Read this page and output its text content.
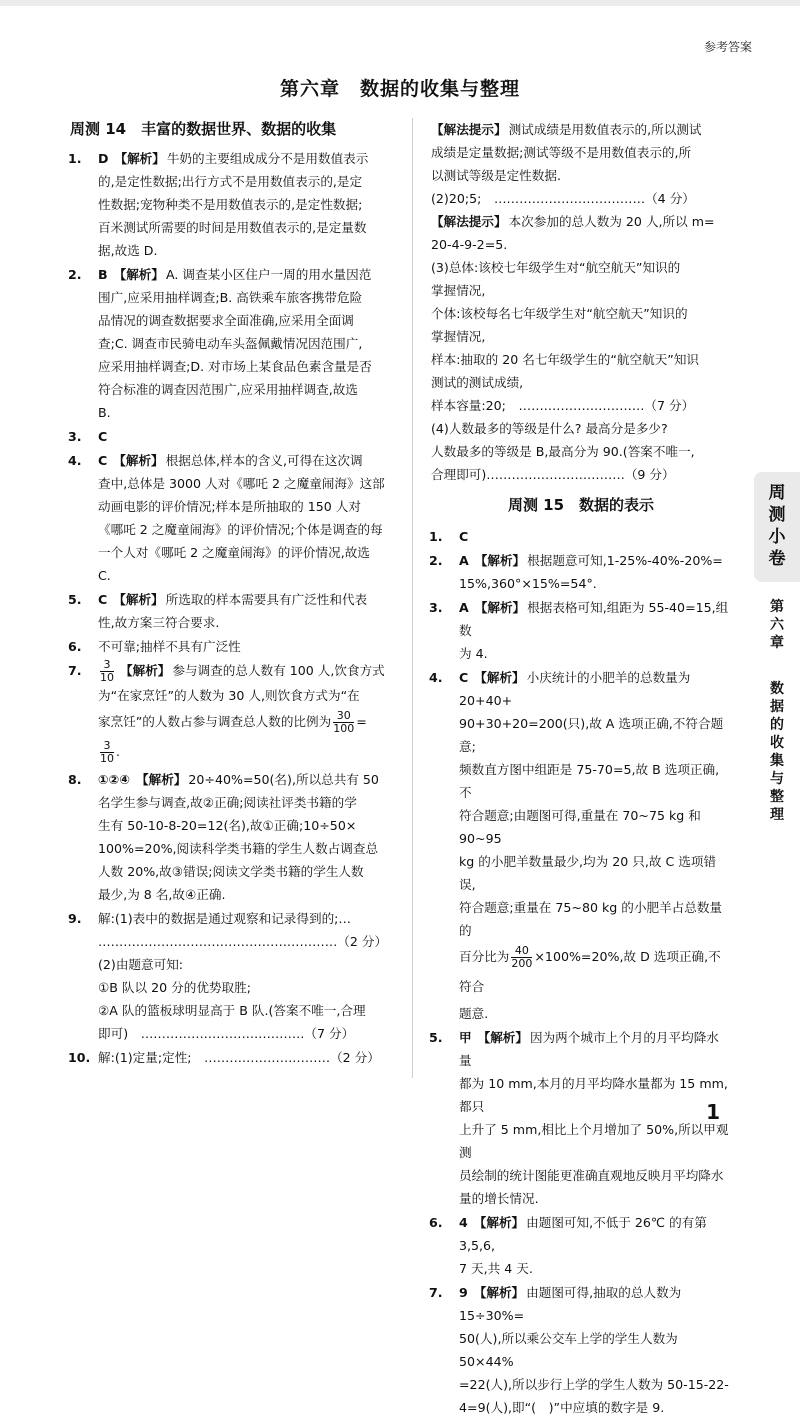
参考答案
第六章　数据的收集与整理
周测 14　丰富的数据世界、数据的收集
1.	D 【解析】 牛奶的主要组成成分不是用数值表示
的,是定性数据;出行方式不是用数值表示的,是定
性数据;宠物种类不是用数值表示的,是定性数据;
百米测试所需要的时间是用数值表示的,是定量数
据,故选 D.
2.	B 【解析】 A. 调查某小区住户一周的用水量因范
围广,应采用抽样调查;B. 高铁乘车旅客携带危险
品情况的调查数据要求全面准确,应采用全面调
查;C. 调查市民骑电动车头盔佩戴情况因范围广,
应采用抽样调查;D. 对市场上某食品色素含量是否
符合标准的调查因范围广,应采用抽样调查,故选
B.
3.	C
4.	C 【解析】 根据总体,样本的含义,可得在这次调
查中,总体是 3000 人对《哪吒 2 之魔童闹海》这部
动画电影的评价情况;样本是所抽取的 150 人对
《哪吒 2 之魔童闹海》的评价情况;个体是调查的每
一个人对《哪吒 2 之魔童闹海》的评价情况,故选
C.
5.	C 【解析】 所选取的样本需要具有广泛性和代表
性,故方案三符合要求.
6.	不可靠;抽样不具有广泛性
7.	$\frac{3}{10}$ 【解析】 参与调查的总人数有 100 人,饮食方式
为“在家烹饪”的人数为 30 人,则饮食方式为“在
家烹饪”的人数占参与调查总人数的比例为 $\frac{30}{100}$ =
$\frac{3}{10}$ .
8.	①②④ 【解析】 20÷40%=50(名),所以总共有 50
名学生参与调查,故②正确;阅读社评类书籍的学
生有 50-10-8-20=12(名),故①正确;10÷50×
100%=20%,阅读科学类书籍的学生人数占调查总
人数 20%,故③错误;阅读文学类书籍的学生人数
最少,为 8 名,故④正确.
9.	解:(1)表中的数据是通过观察和记录得到的;…
…………………………………………………（2 分）
(2)由题意可知:
①B 队以 20 分的优势取胜;
②A 队的篮板球明显高于 B 队.(答案不唯一,合理
即可)　…………………………………（7 分）
10. 解:(1)定量;定性;　…………………………（2 分）
【解法提示】 测试成绩是用数值表示的,所以测试
成绩是定量数据;测试等级不是用数值表示的,所
以测试等级是定性数据.
(2)20;5;　………………………………（4 分）
【解法提示】 本次参加的总人数为 20 人,所以 m=
20-4-9-2=5.
(3)总体:该校七年级学生对“航空航天”知识的
掌握情况,
个体:该校每名七年级学生对“航空航天”知识的
掌握情况,
样本:抽取的 20 名七年级学生的“航空航天”知识
测试的测试成绩,
样本容量:20;　…………………………（7 分）
(4)人数最多的等级是什么? 最高分是多少?
人数最多的等级是 B,最高分为 90.(答案不唯一,
合理即可)……………………………（9 分）
周测 15　数据的表示
1.	C
2.	A 【解析】 根据题意可知,1-25%-40%-20%=
15%,360°×15%=54°.
3.	A 【解析】 根据表格可知,组距为 55-40=15,组数
为 4.
4.	C 【解析】 小庆统计的小肥羊的总数量为 20+40+
90+30+20=200(只),故 A 选项正确,不符合题意;
频数直方图中组距是 75-70=5,故 B 选项正确,不
符合题意;由题图可得,重量在 70~75 kg 和 90~95
kg 的小肥羊数量最少,均为 20 只,故 C 选项错误,
符合题意;重量在 75~80 kg 的小肥羊占总数量的
百分比为 $\frac{40}{200} \times 100\%=20\%$,故 D 选项正确,不符合
题意.
5.	甲 【解析】 因为两个城市上个月的月平均降水量
都为 10 mm,本月的月平均降水量都为 15 mm,都只
上升了 5 mm,相比上个月增加了 50%,所以甲观测
员绘制的统计图能更准确直观地反映月平均降水
量的增长情况.
6.	4 【解析】 由题图可知,不低于 26℃ 的有第 3,5,6,
7 天,共 4 天.
7.	9 【解析】 由题图可得,抽取的总人数为 15÷30%=
50(人),所以乘公交车上学的学生人数为 50×44%
=22(人),所以步行上学的学生人数为 50-15-22-
4=9(人),即“(　)”中应填的数字是 9.
周测小卷
第六章
数据的收集与整理
1
